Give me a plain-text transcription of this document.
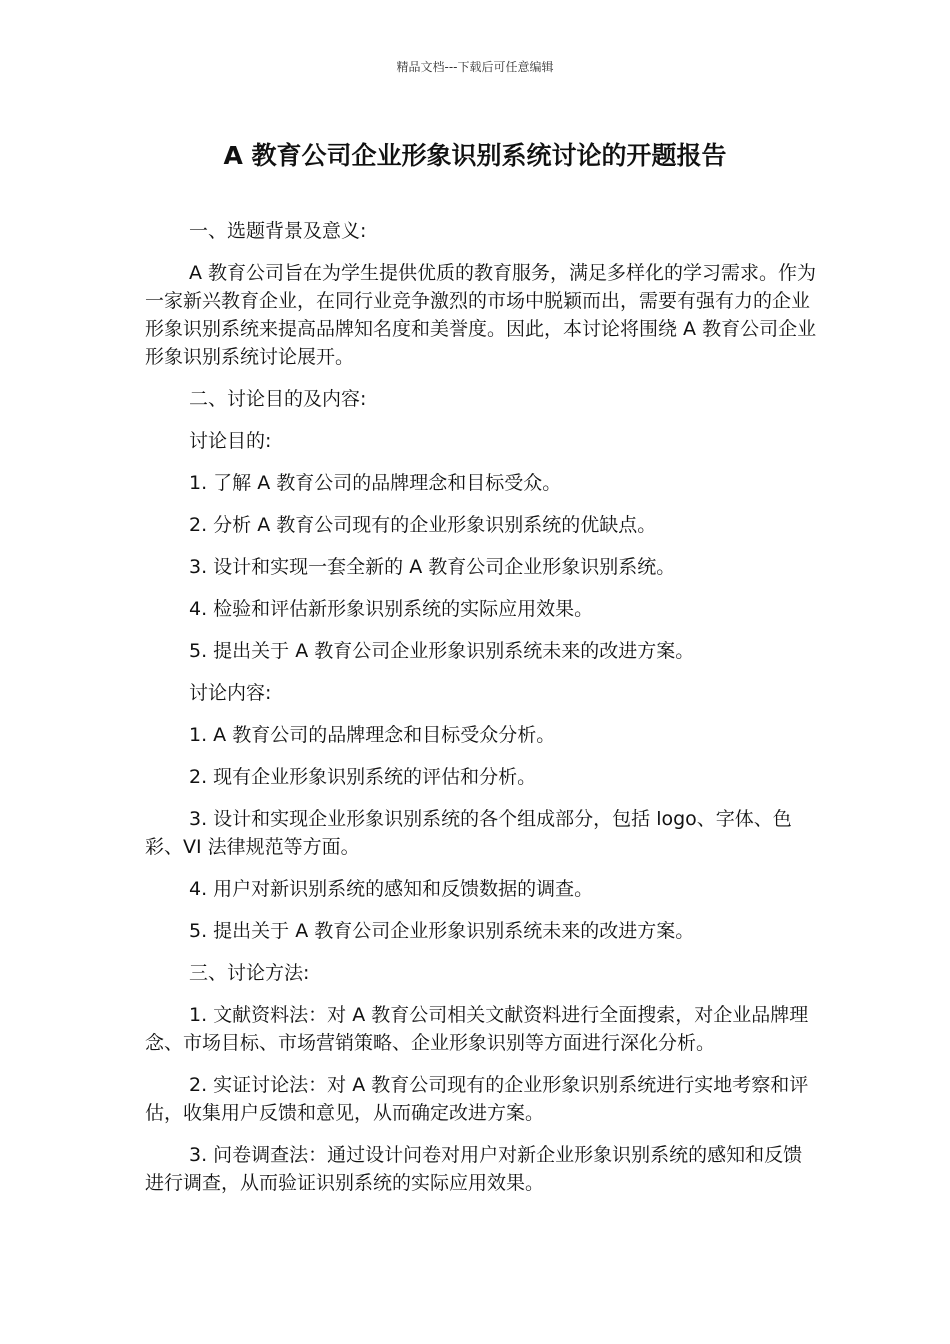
精品文档---下载后可任意编辑
A 教育公司企业形象识别系统讨论的开题报告

一、选题背景及意义:

A 教育公司旨在为学生提供优质的教育服务，满足多样化的学习需求。作为一家新兴教育企业，在同行业竞争激烈的市场中脱颖而出，需要有强有力的企业形象识别系统来提高品牌知名度和美誉度。因此，本讨论将围绕 A 教育公司企业形象识别系统讨论展开。

二、讨论目的及内容:

讨论目的:

1. 了解 A 教育公司的品牌理念和目标受众。

2. 分析 A 教育公司现有的企业形象识别系统的优缺点。

3. 设计和实现一套全新的 A 教育公司企业形象识别系统。

4. 检验和评估新形象识别系统的实际应用效果。

5. 提出关于 A 教育公司企业形象识别系统未来的改进方案。

讨论内容:

1. A 教育公司的品牌理念和目标受众分析。

2. 现有企业形象识别系统的评估和分析。

3. 设计和实现企业形象识别系统的各个组成部分，包括 logo、字体、色彩、VI 法律规范等方面。

4. 用户对新识别系统的感知和反馈数据的调查。

5. 提出关于 A 教育公司企业形象识别系统未来的改进方案。

三、讨论方法:

1. 文献资料法：对 A 教育公司相关文献资料进行全面搜索，对企业品牌理念、市场目标、市场营销策略、企业形象识别等方面进行深化分析。

2. 实证讨论法：对 A 教育公司现有的企业形象识别系统进行实地考察和评估，收集用户反馈和意见，从而确定改进方案。

3. 问卷调查法：通过设计问卷对用户对新企业形象识别系统的感知和反馈进行调查，从而验证识别系统的实际应用效果。
